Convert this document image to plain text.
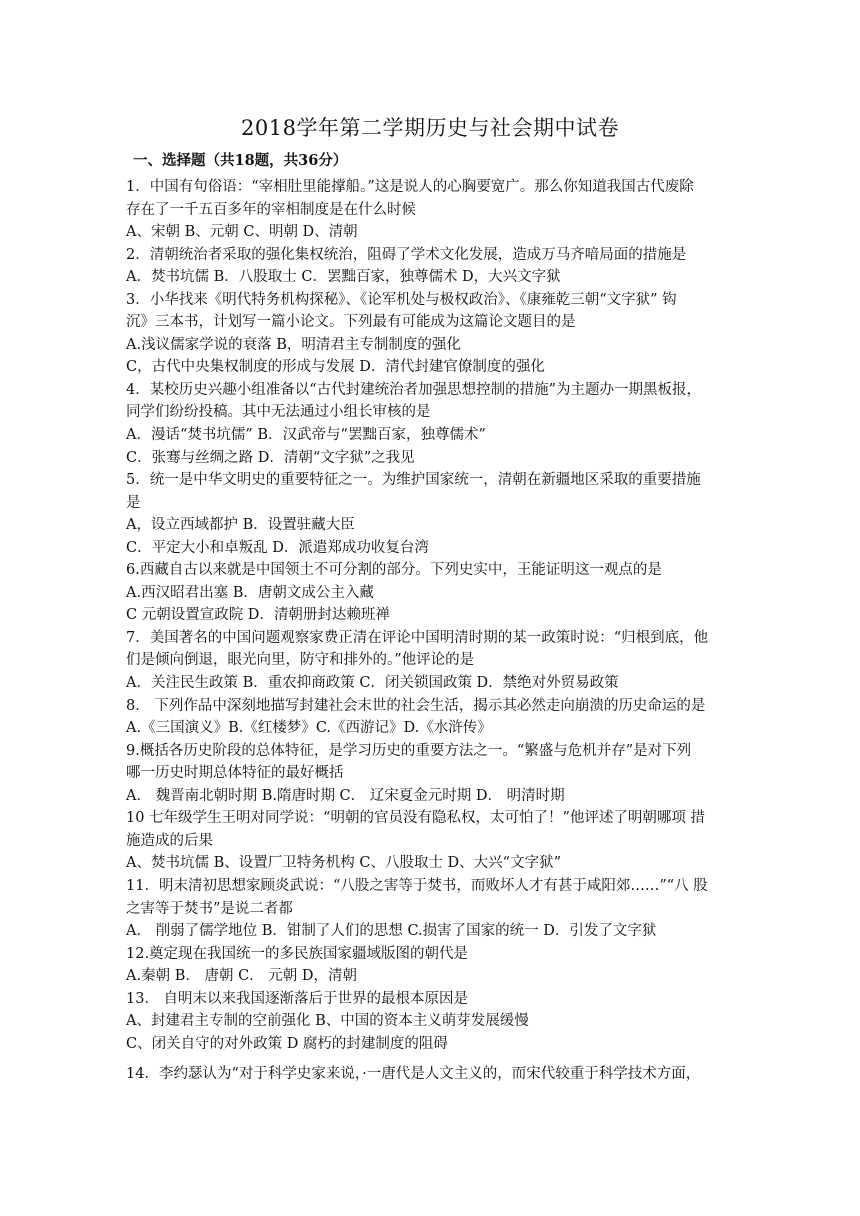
2018学年第二学期历史与社会期中试卷
一、选择题（共18题，共36分）
1．中国有句俗语：“宰相肚里能撑船。”这是说人的心胸要宽广。那么你知道我国古代废除
存在了一千五百多年的宰相制度是在什么时候
A、宋朝 B、元朝 C、明朝 D、清朝
2．清朝统治者采取的强化集权统治，阻碍了学术文化发展，造成万马齐喑局面的措施是
A．焚书坑儒 B．八股取士 C．罢黜百家，独尊儒术 D，大兴文字狱
3．小华找来《明代特务机构探秘》、《论军机处与极权政治》、《康雍乾三朝“文字狱” 钩
沉》三本书，计划写一篇小论文。下列最有可能成为这篇论文题目的是
A.浅议儒家学说的衰落 B，明清君主专制制度的强化
C，古代中央集权制度的形成与发展 D．清代封建官僚制度的强化
4．某校历史兴趣小组准备以“古代封建统治者加强思想控制的措施”为主题办一期黑板报，
同学们纷纷投稿。其中无法通过小组长审核的是
A．漫话“焚书坑儒” B．汉武帝与“罢黜百家，独尊儒术”
C．张骞与丝绸之路 D．清朝“文字狱”之我见
5．统一是中华文明史的重要特征之一。为维护国家统一，清朝在新疆地区采取的重要措施
是
A，设立西域都护 B．设置驻藏大臣
C．平定大小和卓叛乱 D．派遣郑成功收复台湾
6.西藏自古以来就是中国领土不可分割的部分。下列史实中，王能证明这一观点的是
A.西汉昭君出塞 B．唐朝文成公主入藏
C 元朝设置宣政院 D．清朝册封达赖班禅
7．美国著名的中国问题观察家费正清在评论中国明清时期的某一政策时说：“归根到底，他
们是倾向倒退，眼光向里，防守和排外的。”他评论的是
A．关注民生政策 B．重农抑商政策 C．闭关锁国政策 D．禁绝对外贸易政策
8． 下列作品中深刻地描写封建社会末世的社会生活，揭示其必然走向崩溃的历史命运的是
A.《三国演义》B.《红楼梦》C.《西游记》D.《水浒传》
9.概括各历史阶段的总体特征，是学习历史的重要方法之一。“繁盛与危机并存”是对下列
哪一历史时期总体特征的最好概括
A． 魏晋南北朝时期 B.隋唐时期 C． 辽宋夏金元时期 D． 明清时期
10 七年级学生王明对同学说：“明朝的官员没有隐私权，太可怕了！”他评述了明朝哪项 措
施造成的后果
A、焚书坑儒 B、设置厂卫特务机构 C、八股取士 D、大兴“文字狱”
11．明末清初思想家顾炎武说：“八股之害等于焚书，而败坏人才有甚于咸阳郊……”“八 股
之害等于焚书”是说二者都
A． 削弱了儒学地位 B．钳制了人们的思想 C.损害了国家的统一 D．引发了文字狱
12.奠定现在我国统一的多民族国家疆域版图的朝代是
A.秦朝 B． 唐朝 C． 元朝 D，清朝
13． 自明末以来我国逐渐落后于世界的最根本原因是
A、封建君主专制的空前强化 B、中国的资本主义萌芽发展缓慢
C、闭关自守的对外政策 D 腐朽的封建制度的阻碍
14．李约瑟认为“对于科学史家来说，·一唐代是人文主义的，而宋代较重于科学技术方面，
